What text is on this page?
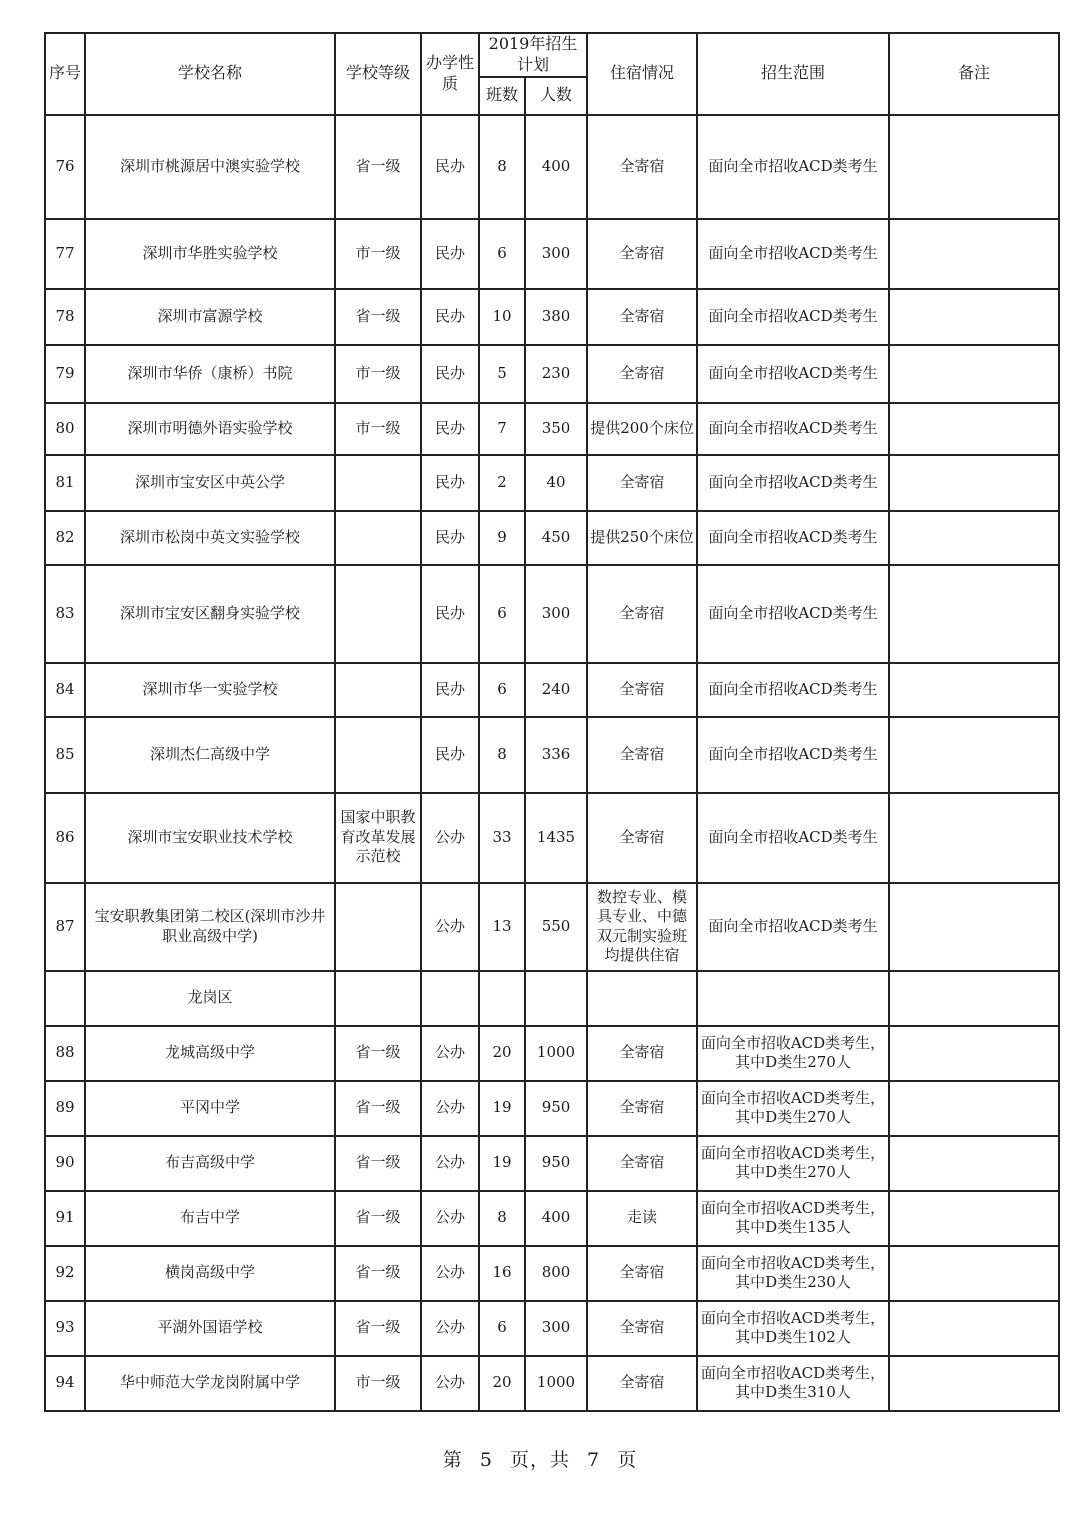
序号	学校名称	学校等级	办学性质	2019年招生计划		住宿情况	招生范围	备注
				班数	人数			
76	深圳市桃源居中澳实验学校	省一级	民办	8	400	全寄宿	面向全市招收ACD类考生	
77	深圳市华胜实验学校	市一级	民办	6	300	全寄宿	面向全市招收ACD类考生	
78	深圳市富源学校	省一级	民办	10	380	全寄宿	面向全市招收ACD类考生	
79	深圳市华侨（康桥）书院	市一级	民办	5	230	全寄宿	面向全市招收ACD类考生	
80	深圳市明德外语实验学校	市一级	民办	7	350	提供200个床位	面向全市招收ACD类考生	
81	深圳市宝安区中英公学		民办	2	40	全寄宿	面向全市招收ACD类考生	
82	深圳市松岗中英文实验学校		民办	9	450	提供250个床位	面向全市招收ACD类考生	
83	深圳市宝安区翻身实验学校		民办	6	300	全寄宿	面向全市招收ACD类考生	
84	深圳市华一实验学校		民办	6	240	全寄宿	面向全市招收ACD类考生	
85	深圳杰仁高级中学		民办	8	336	全寄宿	面向全市招收ACD类考生	
86	深圳市宝安职业技术学校	国家中职教育改革发展示范校	公办	33	1435	全寄宿	面向全市招收ACD类考生	
87	宝安职教集团第二校区(深圳市沙井职业高级中学)		公办	13	550	数控专业、模具专业、中德双元制实验班均提供住宿	面向全市招收ACD类考生	
	龙岗区							
88	龙城高级中学	省一级	公办	20	1000	全寄宿	面向全市招收ACD类考生，其中D类生270人	
89	平冈中学	省一级	公办	19	950	全寄宿	面向全市招收ACD类考生，其中D类生270人	
90	布吉高级中学	省一级	公办	19	950	全寄宿	面向全市招收ACD类考生，其中D类生270人	
91	布吉中学	省一级	公办	8	400	走读	面向全市招收ACD类考生，其中D类生135人	
92	横岗高级中学	省一级	公办	16	800	全寄宿	面向全市招收ACD类考生，其中D类生230人	
93	平湖外国语学校	省一级	公办	6	300	全寄宿	面向全市招收ACD类考生，其中D类生102人	
94	华中师范大学龙岗附属中学	市一级	公办	20	1000	全寄宿	面向全市招收ACD类考生，其中D类生310人	
第 5 页，共 7 页
